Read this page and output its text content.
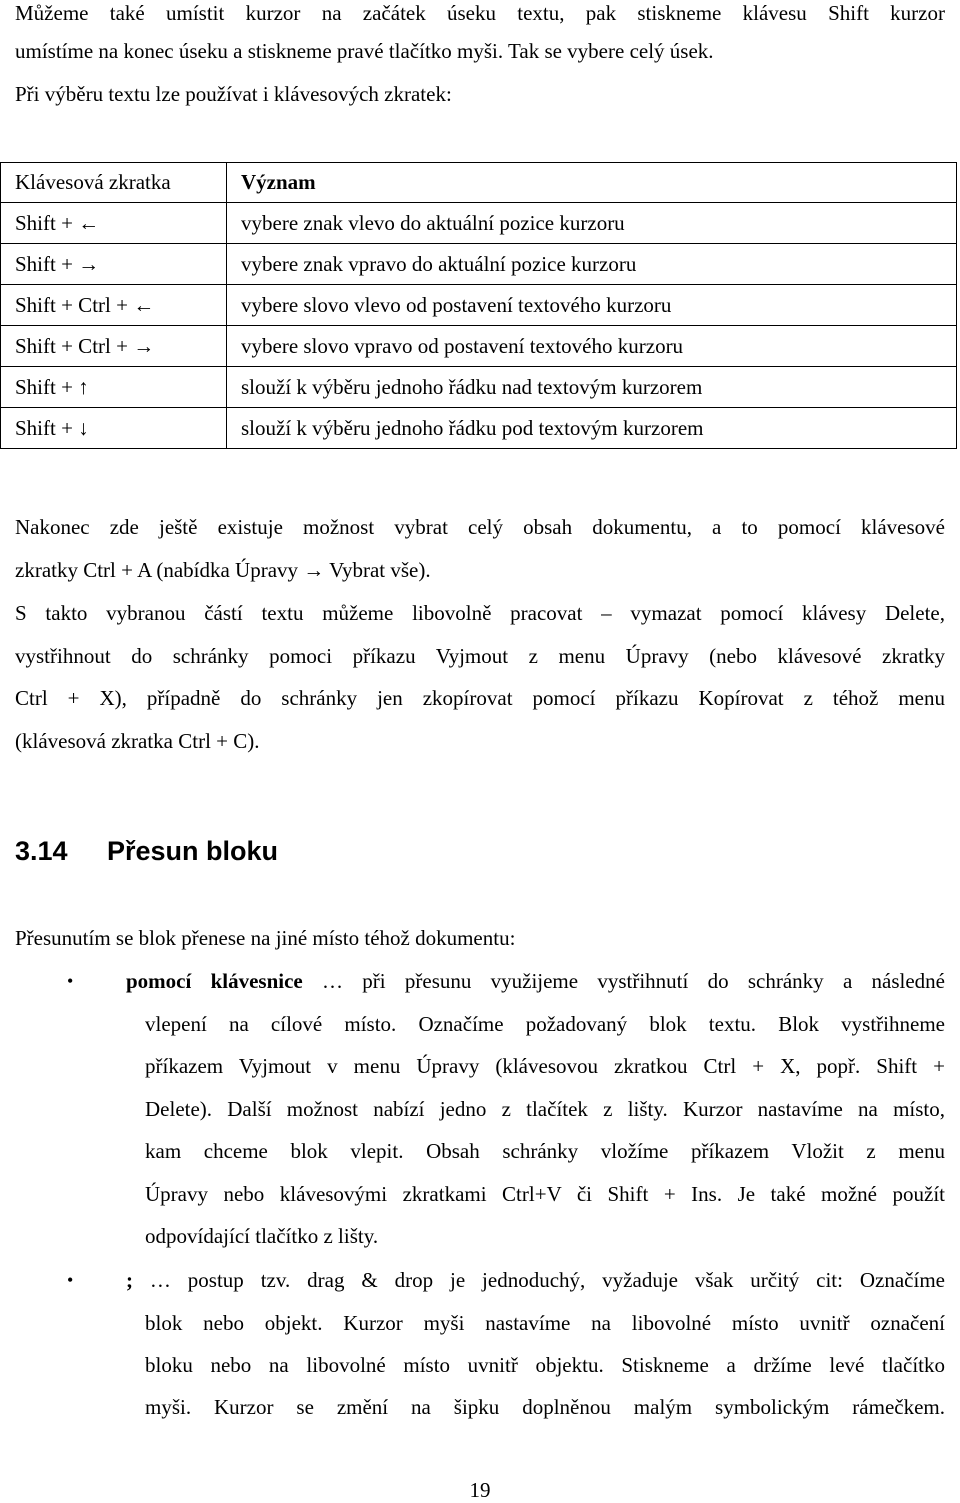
Můžeme také umístit kurzor na začátek úseku textu, pak stiskneme klávesu Shift kurzor
umístíme na konec úseku a stiskneme pravé tlačítko myši. Tak se vybere celý úsek.
Při výběru textu lze používat i klávesových zkratek:
Klávesová zkratka	Význam
Shift + ←	vybere znak vlevo do aktuální pozice kurzoru
Shift + →	vybere znak vpravo do aktuální pozice kurzoru
Shift + Ctrl + ←	vybere slovo vlevo od postavení textového kurzoru
Shift + Ctrl + →	vybere slovo vpravo od postavení textového kurzoru
Shift + ↑	slouží k výběru jednoho řádku nad textovým kurzorem
Shift + ↓	slouží k výběru jednoho řádku pod textovým kurzorem
Nakonec zde ještě existuje možnost vybrat celý obsah dokumentu, a to pomocí klávesové
zkratky Ctrl + A (nabídka Úpravy → Vybrat vše).
S takto vybranou částí textu můžeme libovolně pracovat – vymazat pomocí klávesy Delete,
vystřihnout do schránky pomoci příkazu Vyjmout z menu Úpravy (nebo klávesové zkratky
Ctrl + X), případně do schránky jen zkopírovat pomocí příkazu Kopírovat z téhož menu
(klávesová zkratka Ctrl + C).
3.14 Přesun bloku
Přesunutím se blok přenese na jiné místo téhož dokumentu:
•	pomocí klávesnice … při přesunu využijeme vystřihnutí do schránky a následné
vlepení na cílové místo. Označíme požadovaný blok textu. Blok vystřihneme
příkazem Vyjmout v menu Úpravy (klávesovou zkratkou Ctrl + X, popř. Shift +
Delete). Další možnost nabízí jedno z tlačítek z lišty. Kurzor nastavíme na místo,
kam chceme blok vlepit. Obsah schránky vložíme příkazem Vložit z menu
Úpravy nebo klávesovými zkratkami Ctrl+V či Shift + Ins. Je také možné použít
odpovídající tlačítko z lišty.
•	; … postup tzv. drag & drop je jednoduchý, vyžaduje však určitý cit: Označíme
blok nebo objekt. Kurzor myši nastavíme na libovolné místo uvnitř označení
bloku nebo na libovolné místo uvnitř objektu. Stiskneme a držíme levé tlačítko
myši. Kurzor se změní na šipku doplněnou malým symbolickým rámečkem.
19
